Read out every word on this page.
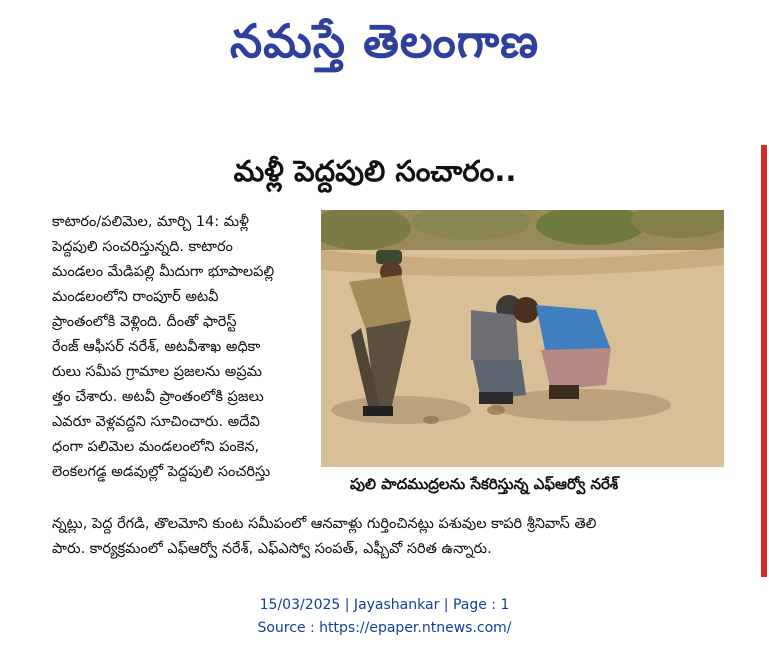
నమస్తే తెలంగాణ
మళ్లీ పెద్దపులి సంచారం..
కాటారం/పలిమెల, మార్చి 14: మళ్లీ
పెద్దపులి సంచరిస్తున్నది. కాటారం
మండలం మేడిపల్లి మీదుగా భూపాలపల్లి
మండలంలోని రాంపూర్ అటవీ
ప్రాంతంలోకి వెళ్లింది. దీంతో ఫారెస్ట్
రేంజ్ ఆఫీసర్ నరేశ్, అటవీశాఖ అధికా
రులు సమీప గ్రామాల ప్రజలను అప్రమ
త్తం చేశారు. అటవీ ప్రాంతంలోకి ప్రజలు
ఎవరూ వెళ్లవద్దని సూచించారు. అదేవి
ధంగా పలిమెల మండలంలోని పంకెన,
లెంకలగడ్డ అడవుల్లో పెద్దపులి సంచరిస్తు
పులి పాదముద్రలను సేకరిస్తున్న ఎఫ్ఆర్వో నరేశ్
న్నట్లు, పెద్ద రేగడి, తొలమోని కుంట సమీపంలో ఆనవాళ్లు గుర్తించినట్లు పశువుల కాపరి శ్రీనివాస్ తెలి
పారు. కార్యక్రమంలో ఎఫ్ఆర్వో నరేశ్, ఎఫ్ఎస్వో సంపత్, ఎఫ్బీవో సరిత ఉన్నారు.
15/03/2025 | Jayashankar | Page : 1
Source : https://epaper.ntnews.com/
